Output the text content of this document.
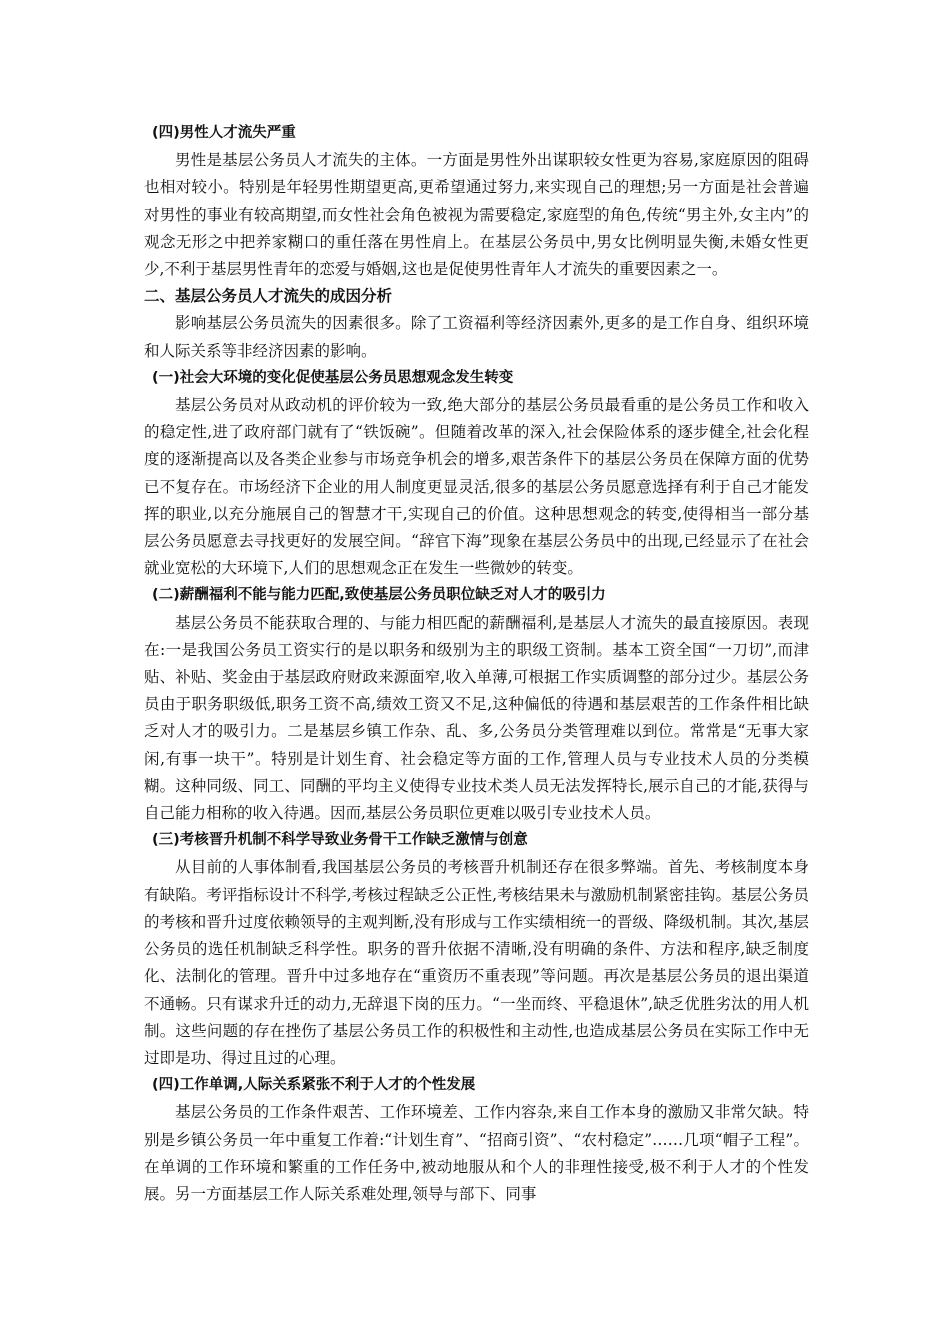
(四)男性人才流失严重

男性是基层公务员人才流失的主体。一方面是男性外出谋职较女性更为容易,家庭原因的阻碍也相对较小。特别是年轻男性期望更高,更希望通过努力,来实现自己的理想;另一方面是社会普遍对男性的事业有较高期望,而女性社会角色被视为需要稳定,家庭型的角色,传统“男主外,女主内”的观念无形之中把养家糊口的重任落在男性肩上。在基层公务员中,男女比例明显失衡,未婚女性更少,不利于基层男性青年的恋爱与婚姻,这也是促使男性青年人才流失的重要因素之一。

二、基层公务员人才流失的成因分析

影响基层公务员流失的因素很多。除了工资福利等经济因素外,更多的是工作自身、组织环境和人际关系等非经济因素的影响。

(一)社会大环境的变化促使基层公务员思想观念发生转变

基层公务员对从政动机的评价较为一致,绝大部分的基层公务员最看重的是公务员工作和收入的稳定性,进了政府部门就有了“铁饭碗”。但随着改革的深入,社会保险体系的逐步健全,社会化程度的逐渐提高以及各类企业参与市场竞争机会的增多,艰苦条件下的基层公务员在保障方面的优势已不复存在。市场经济下企业的用人制度更显灵活,很多的基层公务员愿意选择有利于自己才能发挥的职业,以充分施展自己的智慧才干,实现自己的价值。这种思想观念的转变,使得相当一部分基层公务员愿意去寻找更好的发展空间。“辞官下海”现象在基层公务员中的出现,已经显示了在社会就业宽松的大环境下,人们的思想观念正在发生一些微妙的转变。

(二)薪酬福利不能与能力匹配,致使基层公务员职位缺乏对人才的吸引力

基层公务员不能获取合理的、与能力相匹配的薪酬福利,是基层人才流失的最直接原因。表现在:一是我国公务员工资实行的是以职务和级别为主的职级工资制。基本工资全国“一刀切”,而津贴、补贴、奖金由于基层政府财政来源面窄,收入单薄,可根据工作实质调整的部分过少。基层公务员由于职务职级低,职务工资不高,绩效工资又不足,这种偏低的待遇和基层艰苦的工作条件相比缺乏对人才的吸引力。二是基层乡镇工作杂、乱、多,公务员分类管理难以到位。常常是“无事大家闲,有事一块干”。特别是计划生育、社会稳定等方面的工作,管理人员与专业技术人员的分类模糊。这种同级、同工、同酬的平均主义使得专业技术类人员无法发挥特长,展示自己的才能,获得与自己能力相称的收入待遇。因而,基层公务员职位更难以吸引专业技术人员。

(三)考核晋升机制不科学导致业务骨干工作缺乏激情与创意

从目前的人事体制看,我国基层公务员的考核晋升机制还存在很多弊端。首先、考核制度本身有缺陷。考评指标设计不科学,考核过程缺乏公正性,考核结果未与激励机制紧密挂钩。基层公务员的考核和晋升过度依赖领导的主观判断,没有形成与工作实绩相统一的晋级、降级机制。其次,基层公务员的选任机制缺乏科学性。职务的晋升依据不清晰,没有明确的条件、方法和程序,缺乏制度化、法制化的管理。晋升中过多地存在“重资历不重表现”等问题。再次是基层公务员的退出渠道不通畅。只有谋求升迁的动力,无辞退下岗的压力。“一坐而终、平稳退休”,缺乏优胜劣汰的用人机制。这些问题的存在挫伤了基层公务员工作的积极性和主动性,也造成基层公务员在实际工作中无过即是功、得过且过的心理。

(四)工作单调,人际关系紧张不利于人才的个性发展

基层公务员的工作条件艰苦、工作环境差、工作内容杂,来自工作本身的激励又非常欠缺。特别是乡镇公务员一年中重复工作着:“计划生育”、“招商引资”、“农村稳定”……几项“帽子工程”。在单调的工作环境和繁重的工作任务中,被动地服从和个人的非理性接受,极不利于人才的个性发展。另一方面基层工作人际关系难处理,领导与部下、同事
